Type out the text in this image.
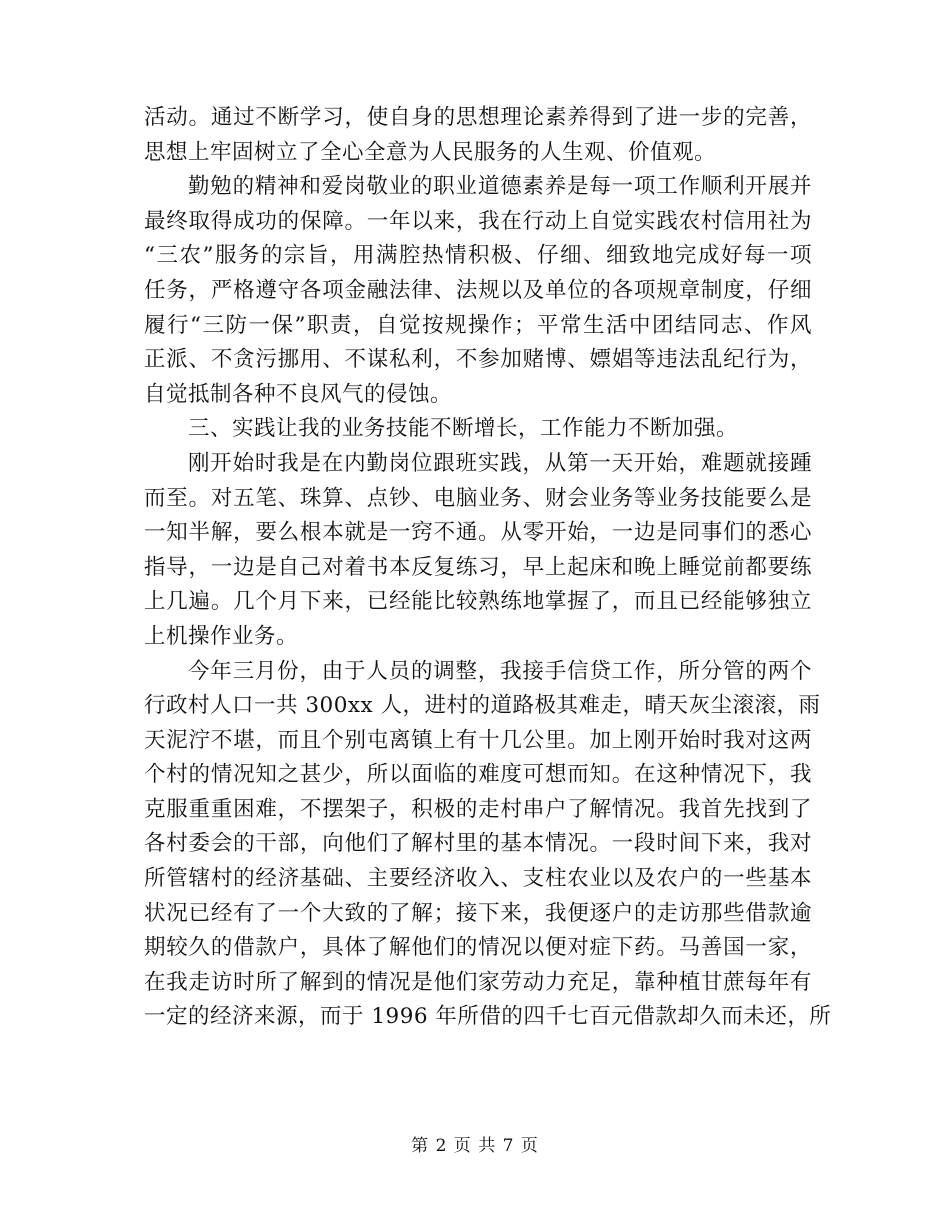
活动。通过不断学习，使自身的思想理论素养得到了进一步的完善，
思想上牢固树立了全心全意为人民服务的人生观、价值观。
勤勉的精神和爱岗敬业的职业道德素养是每一项工作顺利开展并
最终取得成功的保障。一年以来，我在行动上自觉实践农村信用社为
“三农”服务的宗旨，用满腔热情积极、仔细、细致地完成好每一项
任务，严格遵守各项金融法律、法规以及单位的各项规章制度，仔细
履行“三防一保”职责，自觉按规操作；平常生活中团结同志、作风
正派、不贪污挪用、不谋私利，不参加赌博、嫖娼等违法乱纪行为，
自觉抵制各种不良风气的侵蚀。
三、实践让我的业务技能不断增长，工作能力不断加强。
刚开始时我是在内勤岗位跟班实践，从第一天开始，难题就接踵
而至。对五笔、珠算、点钞、电脑业务、财会业务等业务技能要么是
一知半解，要么根本就是一窍不通。从零开始，一边是同事们的悉心
指导，一边是自己对着书本反复练习，早上起床和晚上睡觉前都要练
上几遍。几个月下来，已经能比较熟练地掌握了，而且已经能够独立
上机操作业务。
今年三月份，由于人员的调整，我接手信贷工作，所分管的两个
行政村人口一共 300xx 人，进村的道路极其难走，晴天灰尘滚滚，雨
天泥泞不堪，而且个别屯离镇上有十几公里。加上刚开始时我对这两
个村的情况知之甚少，所以面临的难度可想而知。在这种情况下，我
克服重重困难，不摆架子，积极的走村串户了解情况。我首先找到了
各村委会的干部，向他们了解村里的基本情况。一段时间下来，我对
所管辖村的经济基础、主要经济收入、支柱农业以及农户的一些基本
状况已经有了一个大致的了解；接下来，我便逐户的走访那些借款逾
期较久的借款户，具体了解他们的情况以便对症下药。马善国一家，
在我走访时所了解到的情况是他们家劳动力充足，靠种植甘蔗每年有
一定的经济来源，而于 1996 年所借的四千七百元借款却久而未还，所
第 2 页 共 7 页
